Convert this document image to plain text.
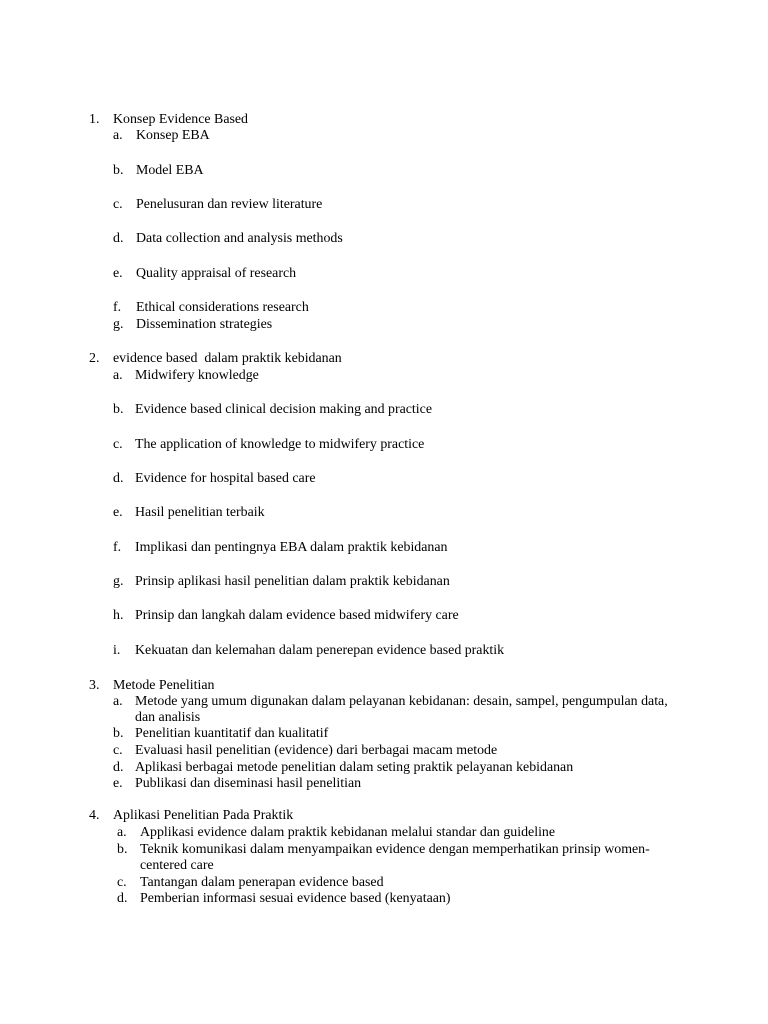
1. Konsep Evidence Based
a. Konsep EBA
b. Model EBA
c. Penelusuran dan review literature
d. Data collection and analysis methods
e. Quality appraisal of research
f. Ethical considerations research
g. Dissemination strategies
2. evidence based  dalam praktik kebidanan
a. Midwifery knowledge
b. Evidence based clinical decision making and practice
c. The application of knowledge to midwifery practice
d. Evidence for hospital based care
e. Hasil penelitian terbaik
f. Implikasi dan pentingnya EBA dalam praktik kebidanan
g. Prinsip aplikasi hasil penelitian dalam praktik kebidanan
h. Prinsip dan langkah dalam evidence based midwifery care
i. Kekuatan dan kelemahan dalam penerepan evidence based praktik
3. Metode Penelitian
a. Metode yang umum digunakan dalam pelayanan kebidanan: desain, sampel, pengumpulan data,
dan analisis
b. Penelitian kuantitatif dan kualitatif
c. Evaluasi hasil penelitian (evidence) dari berbagai macam metode
d. Aplikasi berbagai metode penelitian dalam seting praktik pelayanan kebidanan
e. Publikasi dan diseminasi hasil penelitian
4. Aplikasi Penelitian Pada Praktik
a. Applikasi evidence dalam praktik kebidanan melalui standar dan guideline
b. Teknik komunikasi dalam menyampaikan evidence dengan memperhatikan prinsip women-
centered care
c. Tantangan dalam penerapan evidence based
d. Pemberian informasi sesuai evidence based (kenyataan)
